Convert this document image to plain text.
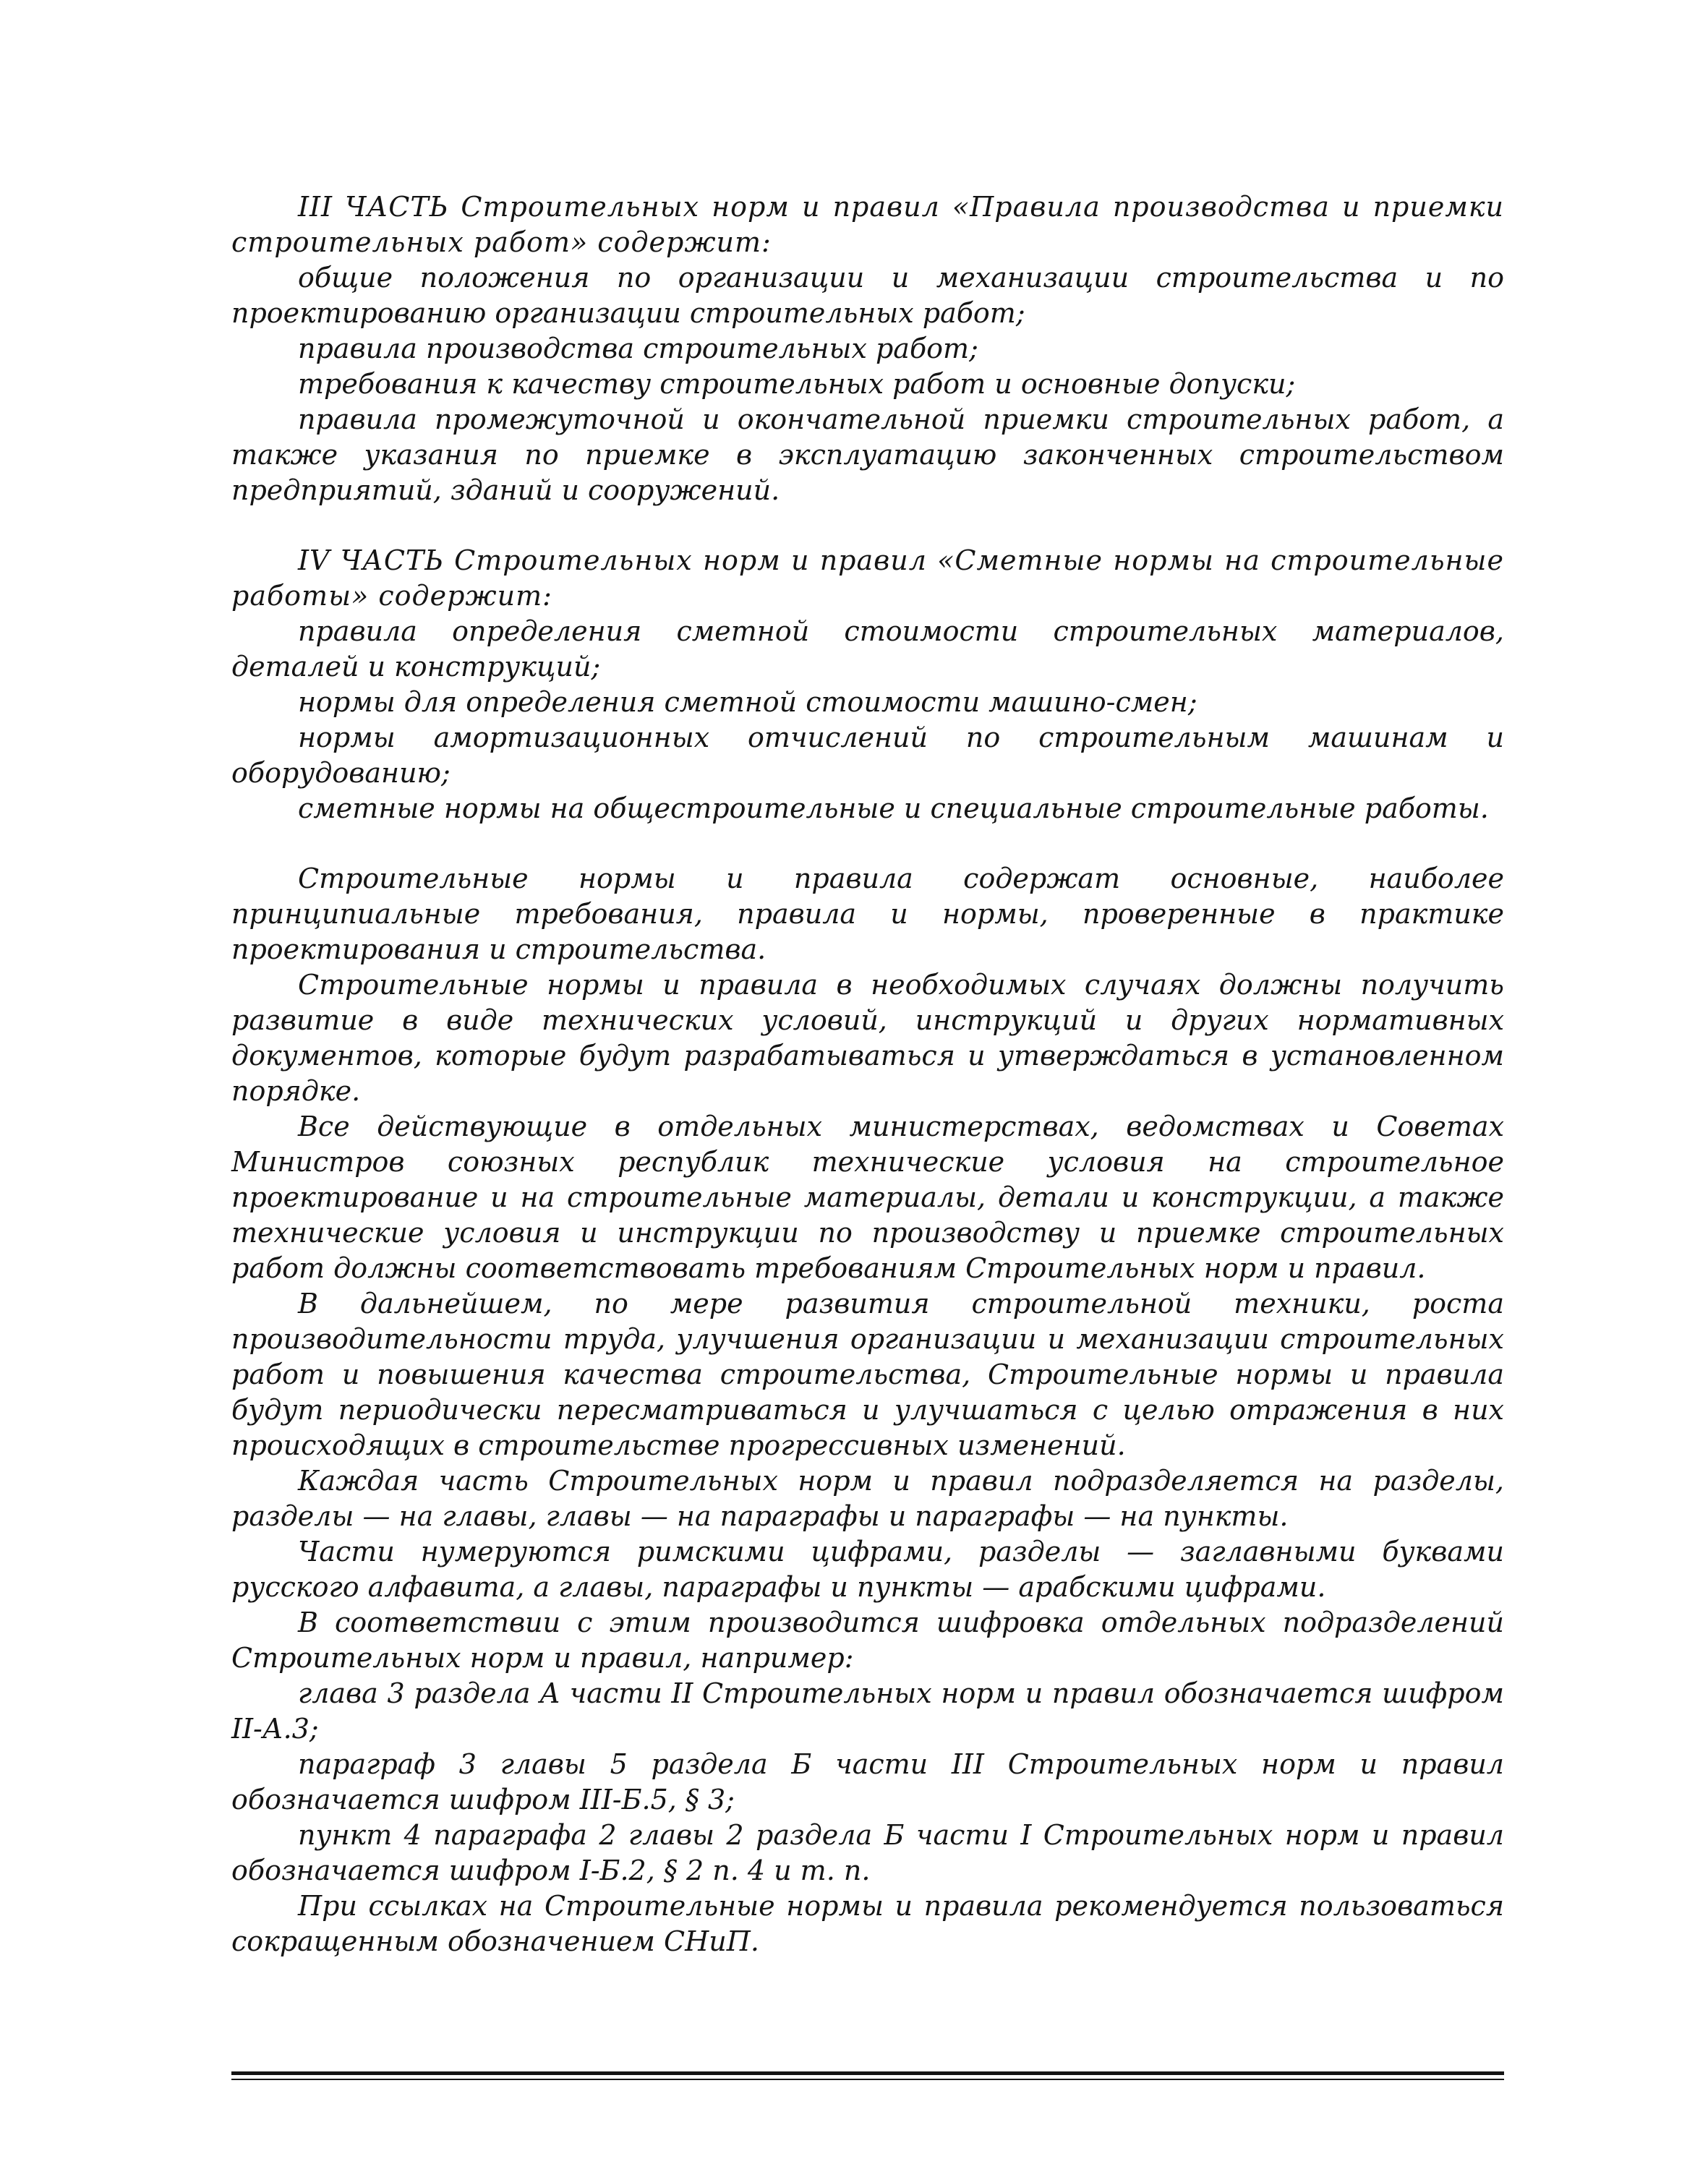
III ЧАСТЬ Строительных норм и правил «Правила производства и приемки строительных работ» содержит:

общие положения по организации и механизации строительства и по проектированию организации строительных работ;

правила производства строительных работ;

требования к качеству строительных работ и основные допуски;

правила промежуточной и окончательной приемки строительных работ, а также указания по приемке в эксплуатацию законченных строительством предприятий, зданий и сооружений.

IV ЧАСТЬ Строительных норм и правил «Сметные нормы на строительные работы» содержит:

правила определения сметной стоимости строительных материалов, деталей и конструкций;

нормы для определения сметной стоимости машино-смен;

нормы амортизационных отчислений по строительным машинам и оборудованию;

сметные нормы на общестроительные и специальные строительные работы.

Строительные нормы и правила содержат основные, наиболее принципиальные требования, правила и нормы, проверенные в практике проектирования и строительства.

Строительные нормы и правила в необходимых случаях должны получить развитие в виде технических условий, инструкций и других нормативных документов, которые будут разрабатываться и утверждаться в установленном порядке.

Все действующие в отдельных министерствах, ведомствах и Советах Министров союзных республик технические условия на строительное проектирование и на строительные материалы, детали и конструкции, а также технические условия и инструкции по производству и приемке строительных работ должны соответствовать требованиям Строительных норм и правил.

В дальнейшем, по мере развития строительной техники, роста производительности труда, улучшения организации и механизации строительных работ и повышения качества строительства, Строительные нормы и правила будут периодически пересматриваться и улучшаться с целью отражения в них происходящих в строительстве прогрессивных изменений.

Каждая часть Строительных норм и правил подразделяется на разделы, разделы — на главы, главы — на параграфы и параграфы — на пункты.

Части нумеруются римскими цифрами, разделы — заглавными буквами русского алфавита, а главы, параграфы и пункты — арабскими цифрами.

В соответствии с этим производится шифровка отдельных подразделений Строительных норм и правил, например:

глава 3 раздела А части II Строительных норм и правил обозначается шифром II-А.3;

параграф 3 главы 5 раздела Б части III Строительных норм и правил обозначается шифром III-Б.5, § 3;

пункт 4 параграфа 2 главы 2 раздела Б части I Строительных норм и правил обозначается шифром I-Б.2, § 2 п. 4 и т. п.

При ссылках на Строительные нормы и правила рекомендуется пользоваться сокращенным обозначением СНиП.
